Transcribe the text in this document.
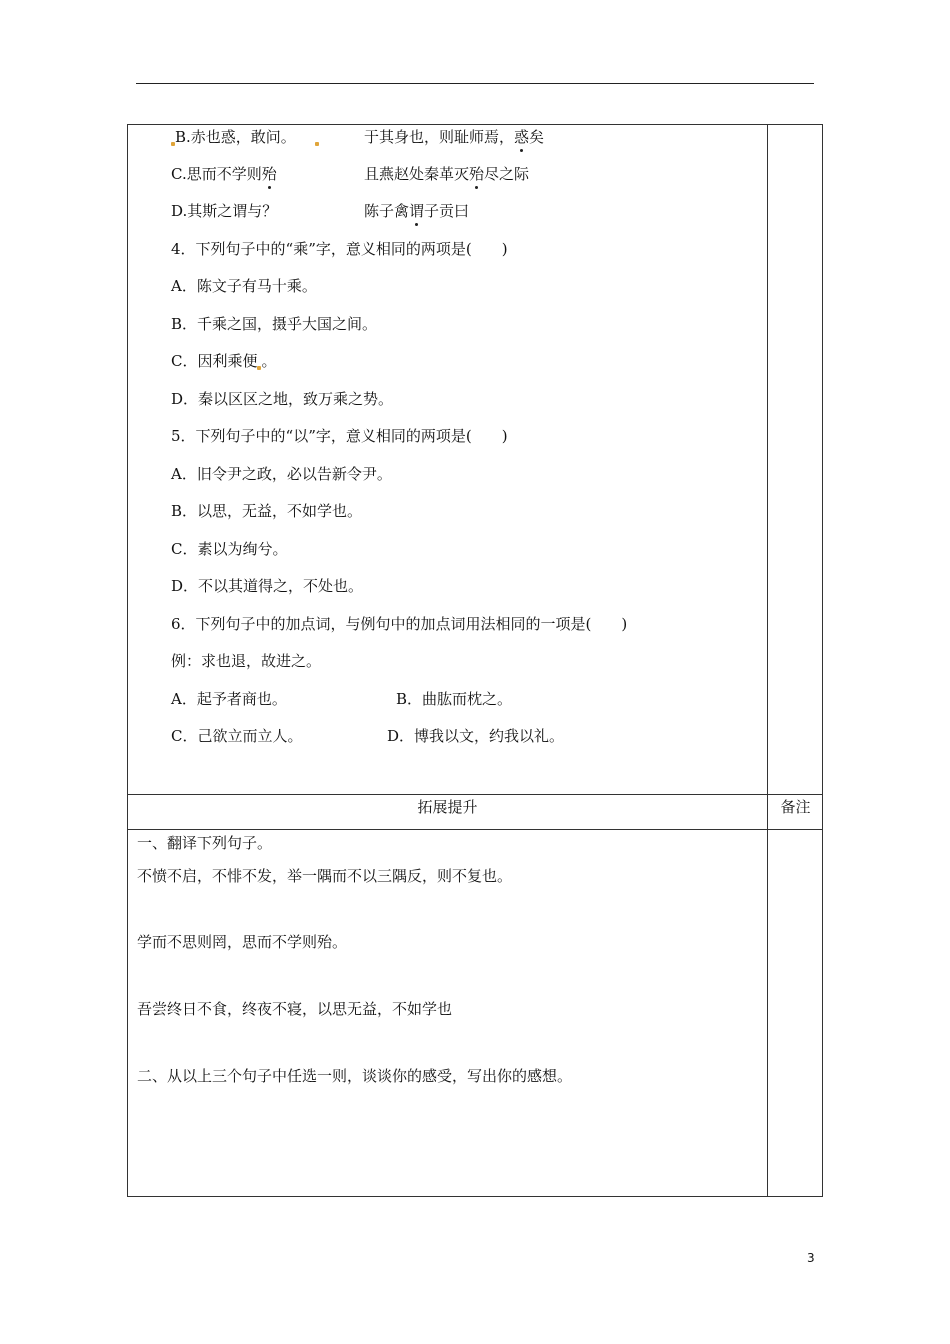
B.赤也惑，敢问。	于其身也，则耻师焉，惑矣
C.思而不学则殆	且燕赵处秦革灭殆尽之际
D.其斯之谓与？	陈子禽谓子贡曰
4．下列句子中的“乘”字，意义相同的两项是(　　)
A．陈文子有马十乘。
B．千乘之国，摄乎大国之间。
C．因利乘便 。
D．秦以区区之地，致万乘之势。
5．下列句子中的“以”字，意义相同的两项是(　　)
A．旧令尹之政，必以告新令尹。
B．以思，无益，不如学也。
C．素以为绚兮。
D．不以其道得之，不处也。
6．下列句子中的加点词，与例句中的加点词用法相同的一项是(　　)
例：求也退，故进之。
A．起予者商也。	B．曲肱而枕之。
C．己欲立而立人。	D．博我以文，约我以礼。
拓展提升	备注
一、翻译下列句子。
不愤不启，不悱不发，举一隅而不以三隅反，则不复也。
学而不思则罔，思而不学则殆。
吾尝终日不食，终夜不寝，以思无益，不如学也
二、从以上三个句子中任选一则，谈谈你的感受，写出你的感想。
3
